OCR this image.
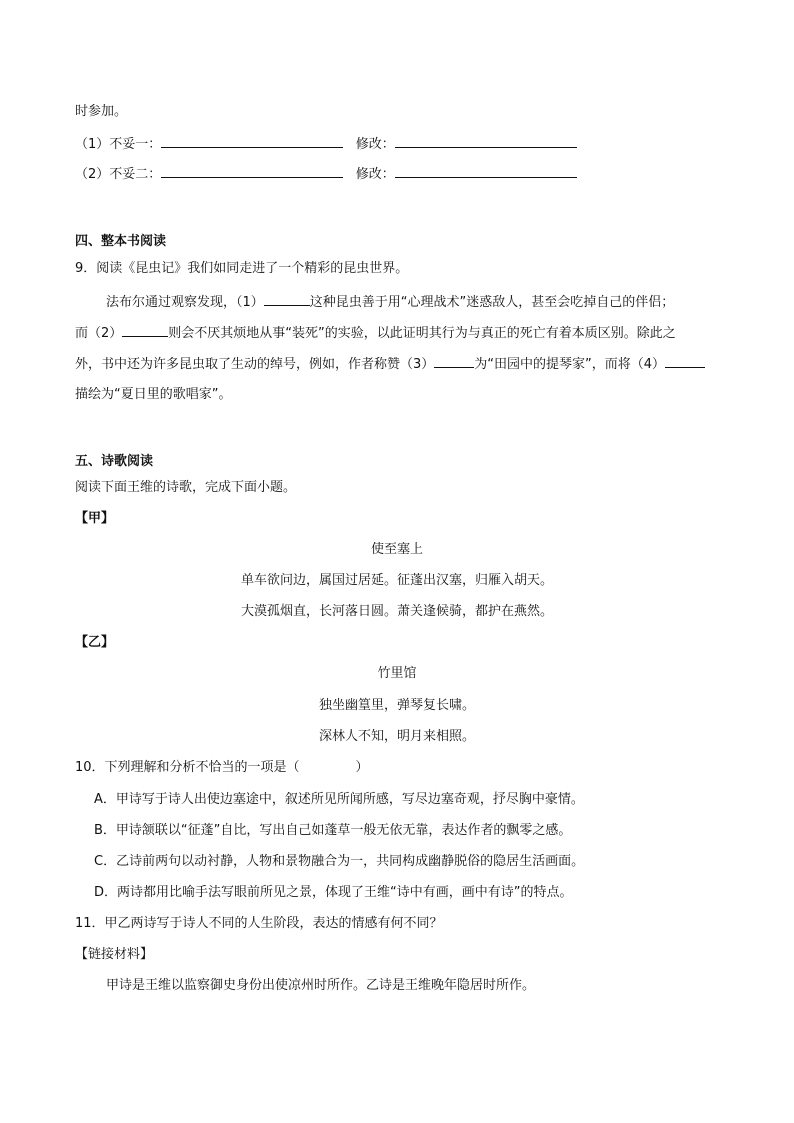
时参加。
（1）不妥一：	修改：
（2）不妥二：	修改：
四、整本书阅读
9．阅读《昆虫记》我们如同走进了一个精彩的昆虫世界。
法布尔通过观察发现，（1）	这种昆虫善于用“心理战术”迷惑敌人，甚至会吃掉自己的伴侣；
而（2）	则会不厌其烦地从事“装死”的实验，以此证明其行为与真正的死亡有着本质区别。除此之
外，书中还为许多昆虫取了生动的绰号，例如，作者称赞（3）	为“田园中的提琴家”，而将（4）
描绘为“夏日里的歌唱家”。
五、诗歌阅读
阅读下面王维的诗歌，完成下面小题。
【甲】
使至塞上
单车欲问边，属国过居延。征蓬出汉塞，归雁入胡天。
大漠孤烟直，长河落日圆。萧关逢候骑，都护在燕然。
【乙】
竹里馆
独坐幽篁里，弹琴复长啸。
深林人不知，明月来相照。
10．下列理解和分析不恰当的一项是（	）
A．甲诗写于诗人出使边塞途中，叙述所见所闻所感，写尽边塞奇观，抒尽胸中豪情。
B．甲诗颔联以“征蓬”自比，写出自己如蓬草一般无依无靠，表达作者的飘零之感。
C．乙诗前两句以动衬静，人物和景物融合为一，共同构成幽静脱俗的隐居生活画面。
D．两诗都用比喻手法写眼前所见之景，体现了王维“诗中有画，画中有诗”的特点。
11．甲乙两诗写于诗人不同的人生阶段，表达的情感有何不同？
【链接材料】
甲诗是王维以监察御史身份出使凉州时所作。乙诗是王维晚年隐居时所作。
